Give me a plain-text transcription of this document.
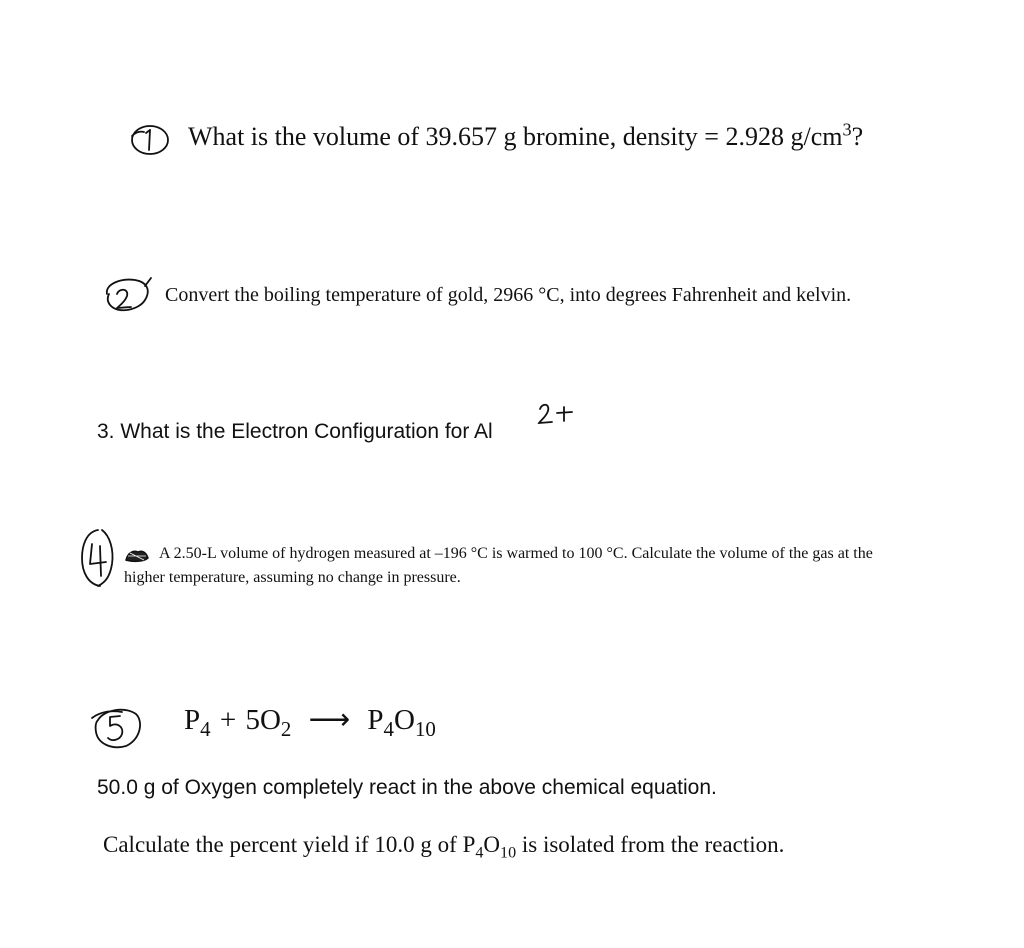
What is the volume of 39.657 g bromine, density = 2.928 $g/cm^3$?
Convert the boiling temperature of gold, 2966 °C, into degrees Fahrenheit and kelvin.
3. What is the Electron Configuration for Al
A 2.50-L volume of hydrogen measured at –196 °C is warmed to 100 °C. Calculate the volume of the gas at the
higher temperature, assuming no change in pressure.
$P_4 + 5O_2$ ⟶ $P_4O_{10}$
50.0 g of Oxygen completely react in the above chemical equation.
Calculate the percent yield if 10.0 g of $P_4O_{10}$ is isolated from the reaction.
